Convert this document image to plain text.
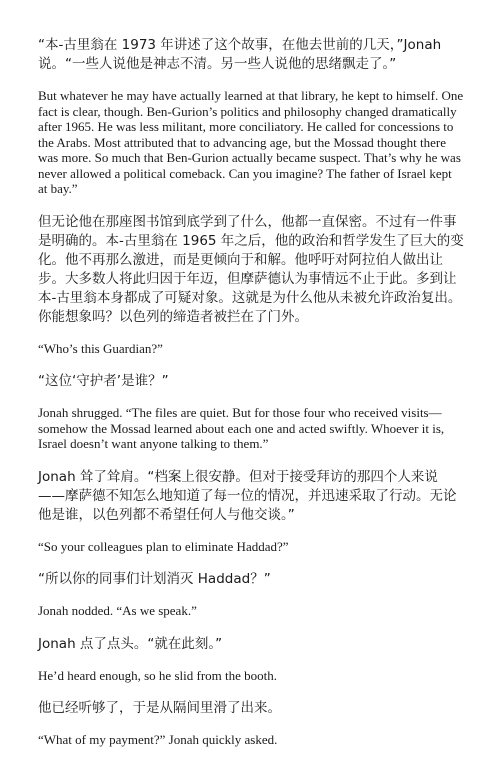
“本-古里翁在 1973 年讲述了这个故事，在他去世前的几天，”Jonah 说。“一些人说他是神志不清。另一些人说他的思绪飘走了。”

But whatever he may have actually learned at that library, he kept to himself. One fact is clear, though. Ben-Gurion’s politics and philosophy changed dramatically after 1965. He was less militant, more conciliatory. He called for concessions to the Arabs. Most attributed that to advancing age, but the Mossad thought there was more. So much that Ben-Gurion actually became suspect. That’s why he was never allowed a political comeback. Can you imagine? The father of Israel kept at bay.”

但无论他在那座图书馆到底学到了什么，他都一直保密。不过有一件事是明确的。本-古里翁在 1965 年之后，他的政治和哲学发生了巨大的变化。他不再那么激进，而是更倾向于和解。他呼吁对阿拉伯人做出让步。大多数人将此归因于年迈，但摩萨德认为事情远不止于此。多到让本-古里翁本身都成了可疑对象。这就是为什么他从未被允许政治复出。你能想象吗？以色列的缔造者被拦在了门外。

“Who’s this Guardian?”

“这位‘守护者’是谁？”

Jonah shrugged. “The files are quiet. But for those four who received visits—somehow the Mossad learned about each one and acted swiftly. Whoever it is, Israel doesn’t want anyone talking to them.”

Jonah 耸了耸肩。“档案上很安静。但对于接受拜访的那四个人来说——摩萨德不知怎么地知道了每一位的情况，并迅速采取了行动。无论他是谁，以色列都不希望任何人与他交谈。”

“So your colleagues plan to eliminate Haddad?”

“所以你的同事们计划消灭 Haddad？”

Jonah nodded. “As we speak.”

Jonah 点了点头。“就在此刻。”

He’d heard enough, so he slid from the booth.

他已经听够了，于是从隔间里滑了出来。

“What of my payment?” Jonah quickly asked.
